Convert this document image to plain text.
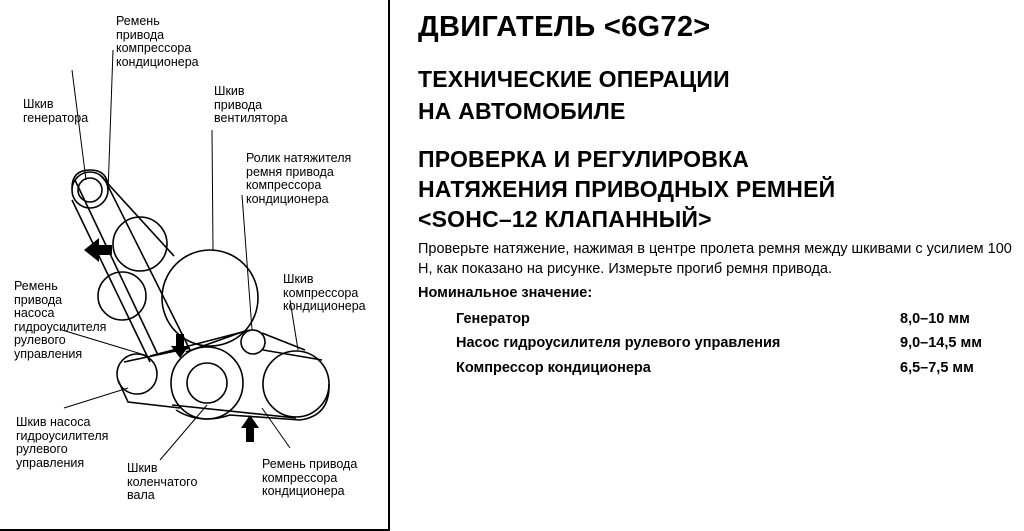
Ремень
привода
компрессора
кондиционера
Шкив
генератора
Шкив
привода
вентилятора
Ролик натяжителя
ремня привода
компрессора
кондиционера
Шкив
компрессора
кондиционера
Ремень
привода
насоса
гидроусилителя
рулевого
управления
Шкив насоса
гидроусилителя
рулевого
управления	Шкив
коленчатого
вала
Ремень привода
компрессора
кондиционера
ДВИГАТЕЛЬ <6G72>
ТЕХНИЧЕСКИЕ ОПЕРАЦИИ
НА АВТОМОБИЛЕ
ПРОВЕРКА И РЕГУЛИРОВКА
НАТЯЖЕНИЯ ПРИВОДНЫХ РЕМНЕЙ
<SOHC–12 КЛАПАННЫЙ>
Проверьте натяжение, нажимая в центре пролета ремня между шкивами с усилием 100 Н, как показано на рисунке. Измерьте прогиб ремня привода.
Номинальное значение:
Генератор	8,0–10 мм
Насос гидроусилителя рулевого управления	9,0–14,5 мм
Компрессор кондиционера	6,5–7,5 мм
